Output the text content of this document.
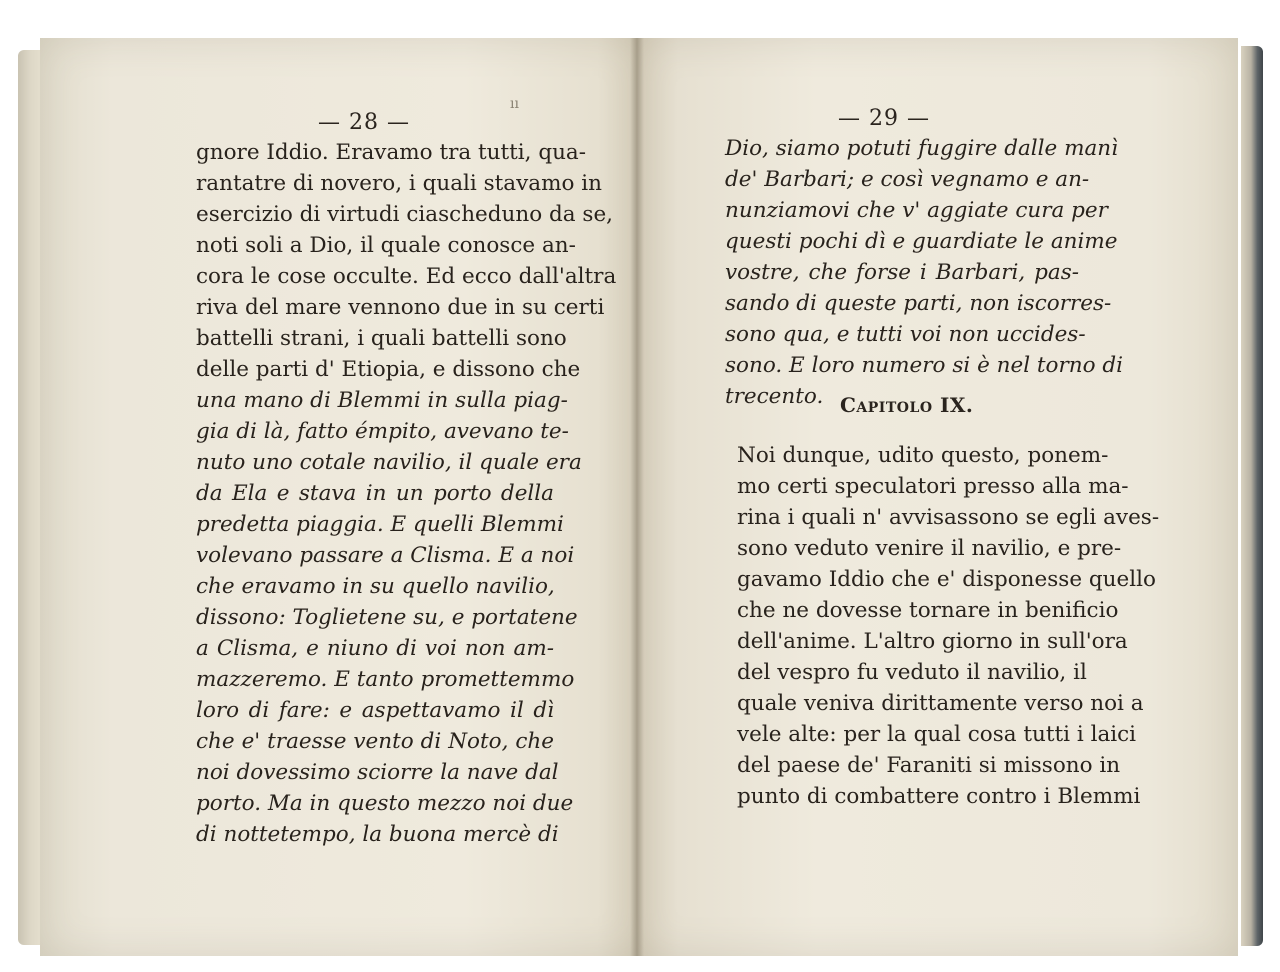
ıı
— 28 —	— 29 —
gnore Iddio. Eravamo tra tutti, qua-
rantatre di novero, i quali stavamo in
esercizio di virtudi ciascheduno da se,
noti soli a Dio, il quale conosce an-
cora le cose occulte. Ed ecco dall'altra
riva del mare vennono due in su certi
battelli strani, i quali battelli sono
delle parti d' Etiopia, e dissono che
una mano di Blemmi in sulla piag-
gia di là, fatto émpito, avevano te-
nuto uno cotale navilio, il quale era
da Ela e stava in un porto della
predetta piaggia. E quelli Blemmi
volevano passare a Clisma. E a noi
che eravamo in su quello navilio,
dissono: Toglietene su, e portatene
a Clisma, e niuno di voi non am-
mazzeremo. E tanto promettemmo
loro di fare: e aspettavamo il dì
che e' traesse vento di Noto, che
noi dovessimo sciorre la nave dal
porto. Ma in questo mezzo noi due
di nottetempo, la buona mercè di
Dio, siamo potuti fuggire dalle manì
de' Barbari; e così vegnamo e an-
nunziamovi che v' aggiate cura per
questi pochi dì e guardiate le anime
vostre, che forse i Barbari, pas-
sando di queste parti, non iscorres-
sono qua, e tutti voi non uccides-
sono. E loro numero si è nel torno di
trecento. Capitolo IX.
Noi dunque, udito questo, ponem-
mo certi speculatori presso alla ma-
rina i quali n' avvisassono se egli aves-
sono veduto venire il navilio, e pre-
gavamo Iddio che e' disponesse quello
che ne dovesse tornare in benificio
dell'anime. L'altro giorno in sull'ora
del vespro fu veduto il navilio, il
quale veniva dirittamente verso noi a
vele alte: per la qual cosa tutti i laici
del paese de' Faraniti si missono in
punto di combattere contro i Blemmi
